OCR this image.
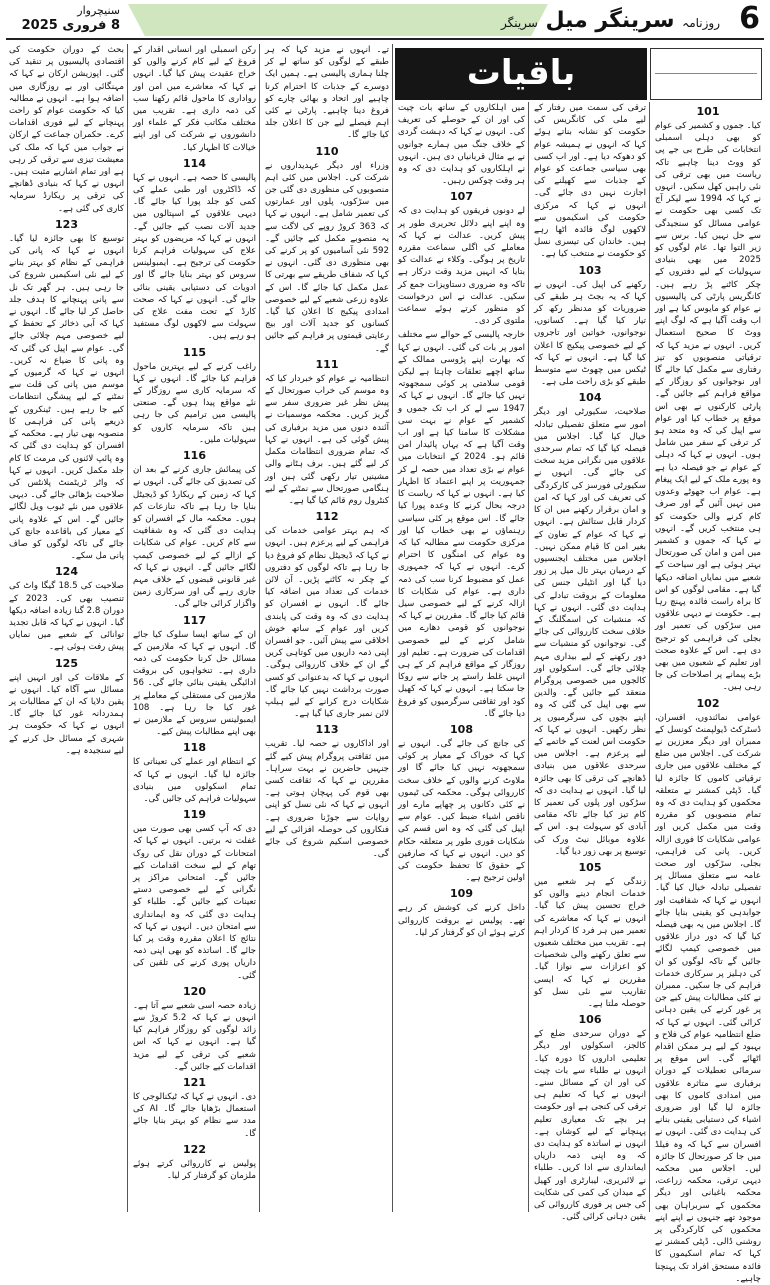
سنیچروار
8 فروری 2025	روزنامہ سرینگر میل سرینگر	6
باقیات
101
کیا۔ جموں و کشمیر کی عوام کو بھی دہلی اسمبلی انتخابات کی طرح بی جے پی کو ووٹ دینا چاہیے تاکہ ریاست میں بھی ترقی کی نئی راہیں کھل سکیں۔ انہوں نے کہا کہ 1994 سے لیکر آج تک کسی بھی حکومت نے عوامی مسائل کو سنجیدگی سے حل نہیں کیا۔ برس سے زیر التوا تھا۔ عام لوگوں کو 2025 میں بھی بنیادی سہولیات کے لیے دفتروں کے چکر کاٹنے پڑ رہے ہیں۔ کانگریس پارٹی کی پالیسیوں نے عوام کو مایوس کیا ہے اور اب وقت آگیا ہے کہ لوگ اپنے ووٹ کا صحیح استعمال کریں۔ انہوں نے مزید کہا کہ ترقیاتی منصوبوں کو تیز رفتاری سے مکمل کیا جائے گا اور نوجوانوں کو روزگار کے مواقع فراہم کیے جائیں گے۔ پارٹی کارکنوں نے بھی اس موقع پر خطاب کیا اور عوام سے اپیل کی کہ وہ متحد ہو کر ترقی کے سفر میں شامل ہوں۔ انہوں نے کہا کہ دہلی کے عوام نے جو فیصلہ دیا ہے وہ پورے ملک کے لیے ایک پیغام ہے۔ عوام اب جھوٹے وعدوں میں نہیں آئیں گے اور صرف کام کرنے والی حکومت کو ہی منتخب کریں گے۔ انہوں نے کہا کہ جموں و کشمیر میں امن و امان کی صورتحال بہتر ہوئی ہے اور سیاحت کے شعبے میں نمایاں اضافہ دیکھا گیا ہے۔ مقامی لوگوں کو اس کا براہ راست فائدہ پہنچ رہا ہے۔ حکومت نے دیہی علاقوں میں سڑکوں کی تعمیر اور بجلی کی فراہمی کو ترجیح دی ہے۔ اس کے علاوہ صحت اور تعلیم کے شعبوں میں بھی بڑے پیمانے پر اصلاحات کی جا رہی ہیں۔
102
عوامی نمائندوں، افسران، ڈسٹرکٹ ڈیولپمنٹ کونسل کے ممبران اور دیگر معززین نے شرکت کی۔ اجلاس میں ضلع کے مختلف علاقوں میں جاری ترقیاتی کاموں کا جائزہ لیا گیا۔ ڈپٹی کمشنر نے متعلقہ محکموں کو ہدایت دی کہ وہ تمام منصوبوں کو مقررہ وقت میں مکمل کریں اور عوامی شکایات کا فوری ازالہ کریں۔ پانی کی فراہمی، بجلی، سڑکوں اور صحت عامہ سے متعلق مسائل پر تفصیلی تبادلہ خیال کیا گیا۔ انہوں نے کہا کہ شفافیت اور جوابدہی کو یقینی بنایا جائے گا۔ اجلاس میں یہ بھی فیصلہ کیا گیا کہ دور دراز علاقوں میں خصوصی کیمپ لگائے جائیں گے تاکہ لوگوں کو ان کی دہلیز پر سرکاری خدمات فراہم کی جا سکیں۔ ممبران نے کئی مطالبات پیش کیے جن پر غور کرنے کی یقین دہانی کرائی گئی۔ انہوں نے کہا کہ ضلع انتظامیہ عوام کی فلاح و بہبود کے لیے ہر ممکن اقدام اٹھائے گی۔ اس موقع پر سرمائی تعطیلات کے دوران برفباری سے متاثرہ علاقوں میں امدادی کاموں کا بھی جائزہ لیا گیا اور ضروری اشیاء کی دستیابی یقینی بنانے کی ہدایت دی گئی۔ انہوں نے افسران سے کہا کہ وہ فیلڈ میں جا کر صورتحال کا جائزہ لیں۔ اجلاس میں محکمہ دیہی ترقی، محکمہ زراعت، محکمہ باغبانی اور دیگر محکموں کے سربراہان بھی موجود تھے جنہوں نے اپنے اپنے محکموں کی کارکردگی پر روشنی ڈالی۔ ڈپٹی کمشنر نے کہا کہ تمام اسکیموں کا فائدہ مستحق افراد تک پہنچنا چاہیے۔
ترقی کی سمت میں رفتار کے لیے ملی کی کانگریس کی حکومت کو نشانہ بناتے ہوئے کہا کہ انہوں نے ہمیشہ عوام کو دھوکہ دیا ہے۔ اور اب کسی بھی سیاسی جماعت کو عوام کے جذبات سے کھیلنے کی اجازت نہیں دی جائے گی۔ انہوں نے کہا کہ مرکزی حکومت کی اسکیموں سے لاکھوں لوگ فائدہ اٹھا رہے ہیں۔ خاندان کی تیسری نسل کو حکومت نے منتخب کیا ہے۔
103
رکھنے کی اپیل کی۔ انہوں نے کہا کہ یہ بجٹ ہر طبقے کی ضروریات کو مدنظر رکھ کر تیار کیا گیا ہے۔ کسانوں، نوجوانوں، خواتین اور تاجروں کے لیے خصوصی پیکیج کا اعلان کیا گیا ہے۔ انہوں نے کہا کہ ٹیکس میں چھوٹ سے متوسط طبقے کو بڑی راحت ملی ہے۔
104
صلاحیت، سکیورٹی اور دیگر امور سے متعلق تفصیلی تبادلہ خیال کیا گیا۔ اجلاس میں فیصلہ کیا گیا کہ تمام سرحدی علاقوں میں نگرانی مزید سخت کی جائے گی۔ انہوں نے سکیورٹی فورسز کی کارکردگی کی تعریف کی اور کہا کہ امن و امان برقرار رکھنے میں ان کا کردار قابل ستائش ہے۔ انہوں نے کہا کہ عوام کے تعاون کے بغیر امن کا قیام ممکن نہیں۔ اجلاس میں مختلف ایجنسیوں کے درمیان بہتر تال میل پر زور دیا گیا اور انٹیلی جنس کی معلومات کے بروقت تبادلے کی ہدایت دی گئی۔ انہوں نے کہا کہ منشیات کی اسمگلنگ کے خلاف سخت کارروائی کی جائے گی۔ نوجوانوں کو منشیات سے دور رکھنے کے لیے بیداری مہم چلائی جائے گی۔ اسکولوں اور کالجوں میں خصوصی پروگرام منعقد کیے جائیں گے۔ والدین سے بھی اپیل کی گئی کہ وہ اپنے بچوں کی سرگرمیوں پر نظر رکھیں۔ انہوں نے کہا کہ حکومت اس لعنت کے خاتمے کے لیے پرعزم ہے۔ اجلاس میں سرحدی علاقوں میں بنیادی ڈھانچے کی ترقی کا بھی جائزہ لیا گیا۔ انہوں نے ہدایت دی کہ سڑکوں اور پلوں کی تعمیر کا کام تیز کیا جائے تاکہ مقامی آبادی کو سہولت ہو۔ اس کے علاوہ موبائل نیٹ ورک کی توسیع پر بھی زور دیا گیا۔
105
زندگی کے ہر شعبے میں خدمات انجام دینے والوں کو خراج تحسین پیش کیا گیا۔ انہوں نے کہا کہ معاشرے کی تعمیر میں ہر فرد کا کردار اہم ہے۔ تقریب میں مختلف شعبوں سے تعلق رکھنے والی شخصیات کو اعزازات سے نوازا گیا۔ مقررین نے کہا کہ ایسی تقاریب سے نئی نسل کو حوصلہ ملتا ہے۔
106
کے دوران سرحدی ضلع کے کالجز، اسکولوں اور دیگر تعلیمی اداروں کا دورہ کیا۔ انہوں نے طلباء سے بات چیت کی اور ان کے مسائل سنے۔ انہوں نے کہا کہ تعلیم ہی ترقی کی کنجی ہے اور حکومت ہر بچے تک معیاری تعلیم پہنچانے کے لیے کوشاں ہے۔ انہوں نے اساتذہ کو ہدایت دی کہ وہ اپنی ذمہ داریاں ایمانداری سے ادا کریں۔ طلباء نے لائبریری، لیبارٹری اور کھیل کے میدان کی کمی کی شکایت کی جس پر فوری کارروائی کی یقین دہانی کرائی گئی۔
میں اہلکاروں کے ساتھ بات چیت کی اور ان کے حوصلے کی تعریف کی۔ انہوں نے کہا کہ دہشت گردی کے خلاف جنگ میں ہمارے جوانوں نے بے مثال قربانیاں دی ہیں۔ انہوں نے اہلکاروں کو ہدایت دی کہ وہ ہر وقت چوکس رہیں۔
107
لے دونوں فریقوں کو ہدایت دی کہ وہ اپنے اپنے دلائل تحریری طور پر پیش کریں۔ عدالت نے کہا کہ معاملے کی اگلی سماعت مقررہ تاریخ پر ہوگی۔ وکلاء نے عدالت کو بتایا کہ انہیں مزید وقت درکار ہے تاکہ وہ ضروری دستاویزات جمع کر سکیں۔ عدالت نے اس درخواست کو منظور کرتے ہوئے سماعت ملتوی کر دی۔
خارجہ پالیسی کے حوالے سے مختلف امور پر بات کی گئی۔ انہوں نے کہا کہ بھارت اپنے پڑوسی ممالک کے ساتھ اچھے تعلقات چاہتا ہے لیکن قومی سلامتی پر کوئی سمجھوتہ نہیں کیا جائے گا۔ انہوں نے کہا کہ 1947 سے لے کر اب تک جموں و کشمیر کے عوام نے بہت سی مشکلات کا سامنا کیا ہے اور اب وقت آگیا ہے کہ یہاں پائیدار امن قائم ہو۔ 2024 کے انتخابات میں عوام نے بڑی تعداد میں حصہ لے کر جمہوریت پر اپنے اعتماد کا اظہار کیا ہے۔ انہوں نے کہا کہ ریاست کا درجہ بحال کرنے کا وعدہ پورا کیا جائے گا۔ اس موقع پر کئی سیاسی رہنماؤں نے بھی خطاب کیا اور مرکزی حکومت سے مطالبہ کیا کہ وہ عوام کی امنگوں کا احترام کرے۔ انہوں نے کہا کہ جمہوری عمل کو مضبوط کرنا سب کی ذمہ داری ہے۔ عوام کی شکایات کا ازالہ کرنے کے لیے خصوصی سیل قائم کیا جائے گا۔ مقررین نے کہا کہ نوجوانوں کو قومی دھارے میں شامل کرنے کے لیے خصوصی اقدامات کی ضرورت ہے۔ تعلیم اور روزگار کے مواقع فراہم کر کے ہی انہیں غلط راستے پر جانے سے روکا جا سکتا ہے۔ انہوں نے کہا کہ کھیل کود اور ثقافتی سرگرمیوں کو فروغ دیا جائے گا۔
108
کی جانچ کی جائے گی۔ انہوں نے کہا کہ خوراک کے معیار پر کوئی سمجھوتہ نہیں کیا جائے گا اور ملاوٹ کرنے والوں کے خلاف سخت کارروائی ہوگی۔ محکمہ کی ٹیموں نے کئی دکانوں پر چھاپے مارے اور ناقص اشیاء ضبط کیں۔ عوام سے اپیل کی گئی کہ وہ اس قسم کی شکایات فوری طور پر متعلقہ حکام کو دیں۔ انہوں نے کہا کہ صارفین کے حقوق کا تحفظ حکومت کی اولین ترجیح ہے۔
109
داخل کرنے کی کوشش کر رہے تھے۔ پولیس نے بروقت کارروائی کرتے ہوئے ان کو گرفتار کر لیا۔
تے۔ انہوں نے مزید کہا کہ ہر طبقے کے لوگوں کو ساتھ لے کر چلنا ہماری پالیسی ہے۔ ہمیں ایک دوسرے کے جذبات کا احترام کرنا چاہیے اور اتحاد و بھائی چارے کو فروغ دینا چاہیے۔ پارٹی نے کئی اہم فیصلے لیے جن کا اعلان جلد کیا جائے گا۔
110
وزراء اور دیگر عہدیداروں نے شرکت کی۔ اجلاس میں کئی اہم منصوبوں کی منظوری دی گئی جن میں سڑکوں، پلوں اور عمارتوں کی تعمیر شامل ہے۔ انہوں نے کہا کہ 363 کروڑ روپے کی لاگت سے یہ منصوبے مکمل کیے جائیں گے۔ 592 نئی آسامیوں کو پر کرنے کی بھی منظوری دی گئی۔ انہوں نے کہا کہ شفاف طریقے سے بھرتی کا عمل مکمل کیا جائے گا۔ اس کے علاوہ زرعی شعبے کے لیے خصوصی امدادی پیکیج کا اعلان کیا گیا۔ کسانوں کو جدید آلات اور بیج رعایتی قیمتوں پر فراہم کیے جائیں گے۔
111
انتظامیہ نے عوام کو خبردار کیا کہ وہ موسم کی خراب صورتحال کے پیش نظر غیر ضروری سفر سے گریز کریں۔ محکمہ موسمیات نے آئندہ دنوں میں مزید برفباری کی پیش گوئی کی ہے۔ انہوں نے کہا کہ تمام ضروری انتظامات مکمل کر لیے گئے ہیں۔ برف ہٹانے والی مشینیں تیار رکھی گئی ہیں اور ہنگامی صورتحال سے نمٹنے کے لیے کنٹرول روم قائم کیا گیا ہے۔
112
کہ ہم بہتر عوامی خدمات کی فراہمی کے لیے پرعزم ہیں۔ انہوں نے کہا کہ ڈیجیٹل نظام کو فروغ دیا جا رہا ہے تاکہ لوگوں کو دفتروں کے چکر نہ کاٹنے پڑیں۔ آن لائن خدمات کی تعداد میں اضافہ کیا جائے گا۔ انہوں نے افسران کو ہدایت دی کہ وہ وقت کی پابندی کریں اور عوام کے ساتھ خوش اخلاقی سے پیش آئیں۔ جو افسران اپنی ذمہ داریوں میں کوتاہی کریں گے ان کے خلاف کارروائی ہوگی۔ انہوں نے کہا کہ بدعنوانی کو کسی صورت برداشت نہیں کیا جائے گا۔ شکایات درج کرانے کے لیے ہیلپ لائن نمبر جاری کیا گیا ہے۔
113
اور اداکاروں نے حصہ لیا۔ تقریب میں ثقافتی پروگرام پیش کیے گئے جنہیں حاضرین نے بہت سراہا۔ مقررین نے کہا کہ ثقافت کسی بھی قوم کی پہچان ہوتی ہے۔ انہوں نے کہا کہ نئی نسل کو اپنی روایات سے جوڑنا ضروری ہے۔ فنکاروں کی حوصلہ افزائی کے لیے خصوصی اسکیم شروع کی جائے گی۔
رکن اسمبلی اور انسانی اقدار کے فروغ کے لیے کام کرنے والوں کو خراج عقیدت پیش کیا گیا۔ انہوں نے کہا کہ معاشرے میں امن اور رواداری کا ماحول قائم رکھنا سب کی ذمہ داری ہے۔ تقریب میں مختلف مکاتب فکر کے علماء اور دانشوروں نے شرکت کی اور اپنے خیالات کا اظہار کیا۔
114
پالیسی کا حصہ ہے۔ انہوں نے کہا کہ ڈاکٹروں اور طبی عملے کی کمی کو جلد پورا کیا جائے گا۔ دیہی علاقوں کے اسپتالوں میں جدید آلات نصب کیے جائیں گے۔ انہوں نے کہا کہ مریضوں کو بہتر علاج کی سہولیات فراہم کرنا حکومت کی ترجیح ہے۔ ایمبولینس سروس کو بہتر بنایا جائے گا اور ادویات کی دستیابی یقینی بنائی جائے گی۔ انہوں نے کہا کہ صحت کارڈ کے تحت مفت علاج کی سہولت سے لاکھوں لوگ مستفید ہو رہے ہیں۔
115
راغب کرنے کے لیے بہترین ماحول فراہم کیا جائے گا۔ انہوں نے کہا کہ سرمایہ کاری سے روزگار کے نئے مواقع پیدا ہوں گے۔ صنعتی پالیسی میں ترامیم کی جا رہی ہیں تاکہ سرمایہ کاروں کو سہولیات ملیں۔
116
کی پیمائش جاری کرنے کے بعد ان کی تصدیق کی جائے گی۔ انہوں نے کہا کہ زمین کے ریکارڈ کو ڈیجیٹل بنایا جا رہا ہے تاکہ تنازعات کم ہوں۔ محکمہ مال کے افسران کو ہدایت دی گئی کہ وہ شفافیت سے کام کریں۔ عوام کی شکایات کے ازالے کے لیے خصوصی کیمپ لگائے جائیں گے۔ انہوں نے کہا کہ غیر قانونی قبضوں کے خلاف مہم جاری رہے گی اور سرکاری زمین واگزار کرائی جائے گی۔
117
ان کے ساتھ ایسا سلوک کیا جائے گا۔ انہوں نے کہا کہ ملازمین کے مسائل حل کرنا حکومت کی ذمہ داری ہے۔ تنخواہوں کی بروقت ادائیگی یقینی بنائی جائے گی۔ 56 ملازمین کی مستقلی کے معاملے پر غور کیا جا رہا ہے۔ 108 ایمبولینس سروس کے ملازمین نے بھی اپنے مطالبات پیش کیے۔
118
کے انتظام اور عملے کی تعیناتی کا جائزہ لیا گیا۔ انہوں نے کہا کہ تمام اسکولوں میں بنیادی سہولیات فراہم کی جائیں گی۔
119
دی کہ آپ کسی بھی صورت میں غفلت نہ برتیں۔ انہوں نے کہا کہ امتحانات کے دوران نقل کی روک تھام کے لیے سخت اقدامات کیے جائیں گے۔ امتحانی مراکز پر نگرانی کے لیے خصوصی دستے تعینات کیے جائیں گے۔ طلباء کو ہدایت دی گئی کہ وہ ایمانداری سے امتحان دیں۔ انہوں نے کہا کہ نتائج کا اعلان مقررہ وقت پر کیا جائے گا۔ اساتذہ کو بھی اپنی ذمہ داریاں پوری کرنے کی تلقین کی گئی۔
120
زیادہ حصہ اسی شعبے سے آتا ہے۔ انہوں نے کہا کہ 5.2 کروڑ سے زائد لوگوں کو روزگار فراہم کیا گیا ہے۔ انہوں نے کہا کہ اس شعبے کی ترقی کے لیے مزید اقدامات کیے جائیں گے۔
121
دی۔ انہوں نے کہا کہ ٹیکنالوجی کا استعمال بڑھایا جائے گا۔ AI کی مدد سے نظام کو بہتر بنایا جائے گا۔
122
پولیس نے کارروائی کرتے ہوئے ملزمان کو گرفتار کر لیا۔
بحث کے دوران حکومت کی اقتصادی پالیسیوں پر تنقید کی گئی۔ اپوزیشن ارکان نے کہا کہ مہنگائی اور بے روزگاری میں اضافہ ہوا ہے۔ انہوں نے مطالبہ کیا کہ حکومت عوام کو راحت پہنچانے کے لیے فوری اقدامات کرے۔ حکمران جماعت کے ارکان نے جواب میں کہا کہ ملک کی معیشت تیزی سے ترقی کر رہی ہے اور تمام اشاریے مثبت ہیں۔ انہوں نے کہا کہ بنیادی ڈھانچے کی ترقی پر ریکارڈ سرمایہ کاری کی گئی ہے۔
123
توسیع کا بھی جائزہ لیا گیا۔ انہوں نے کہا کہ پانی کی فراہمی کے نظام کو بہتر بنانے کے لیے نئی اسکیمیں شروع کی جا رہی ہیں۔ ہر گھر تک نل سے پانی پہنچانے کا ہدف جلد حاصل کر لیا جائے گا۔ انہوں نے کہا کہ آبی ذخائر کے تحفظ کے لیے خصوصی مہم چلائی جائے گی۔ عوام سے اپیل کی گئی کہ وہ پانی کا ضیاع نہ کریں۔ انہوں نے کہا کہ گرمیوں کے موسم میں پانی کی قلت سے نمٹنے کے لیے پیشگی انتظامات کیے جا رہے ہیں۔ ٹینکروں کے ذریعے پانی کی فراہمی کا منصوبہ بھی تیار ہے۔ محکمہ کے افسران کو ہدایت دی گئی کہ وہ پائپ لائنوں کی مرمت کا کام جلد مکمل کریں۔ انہوں نے کہا کہ واٹر ٹریٹمنٹ پلانٹس کی صلاحیت بڑھائی جائے گی۔ دیہی علاقوں میں نئے ٹیوب ویل لگائے جائیں گے۔ اس کے علاوہ پانی کے معیار کی باقاعدہ جانچ کی جائے گی تاکہ لوگوں کو صاف پانی مل سکے۔
124
صلاحیت کی 18.5 گیگا واٹ کی تنصیب بھی کی۔ 2023 کے دوران 2.8 گنا زیادہ اضافہ دیکھا گیا۔ انہوں نے کہا کہ قابل تجدید توانائی کے شعبے میں نمایاں پیش رفت ہوئی ہے۔
125
کے ملاقات کی اور انہیں اپنے مسائل سے آگاہ کیا۔ انہوں نے یقین دلایا کہ ان کے مطالبات پر ہمدردانہ غور کیا جائے گا۔ انہوں نے کہا کہ حکومت ہر شہری کے مسائل حل کرنے کے لیے سنجیدہ ہے۔
